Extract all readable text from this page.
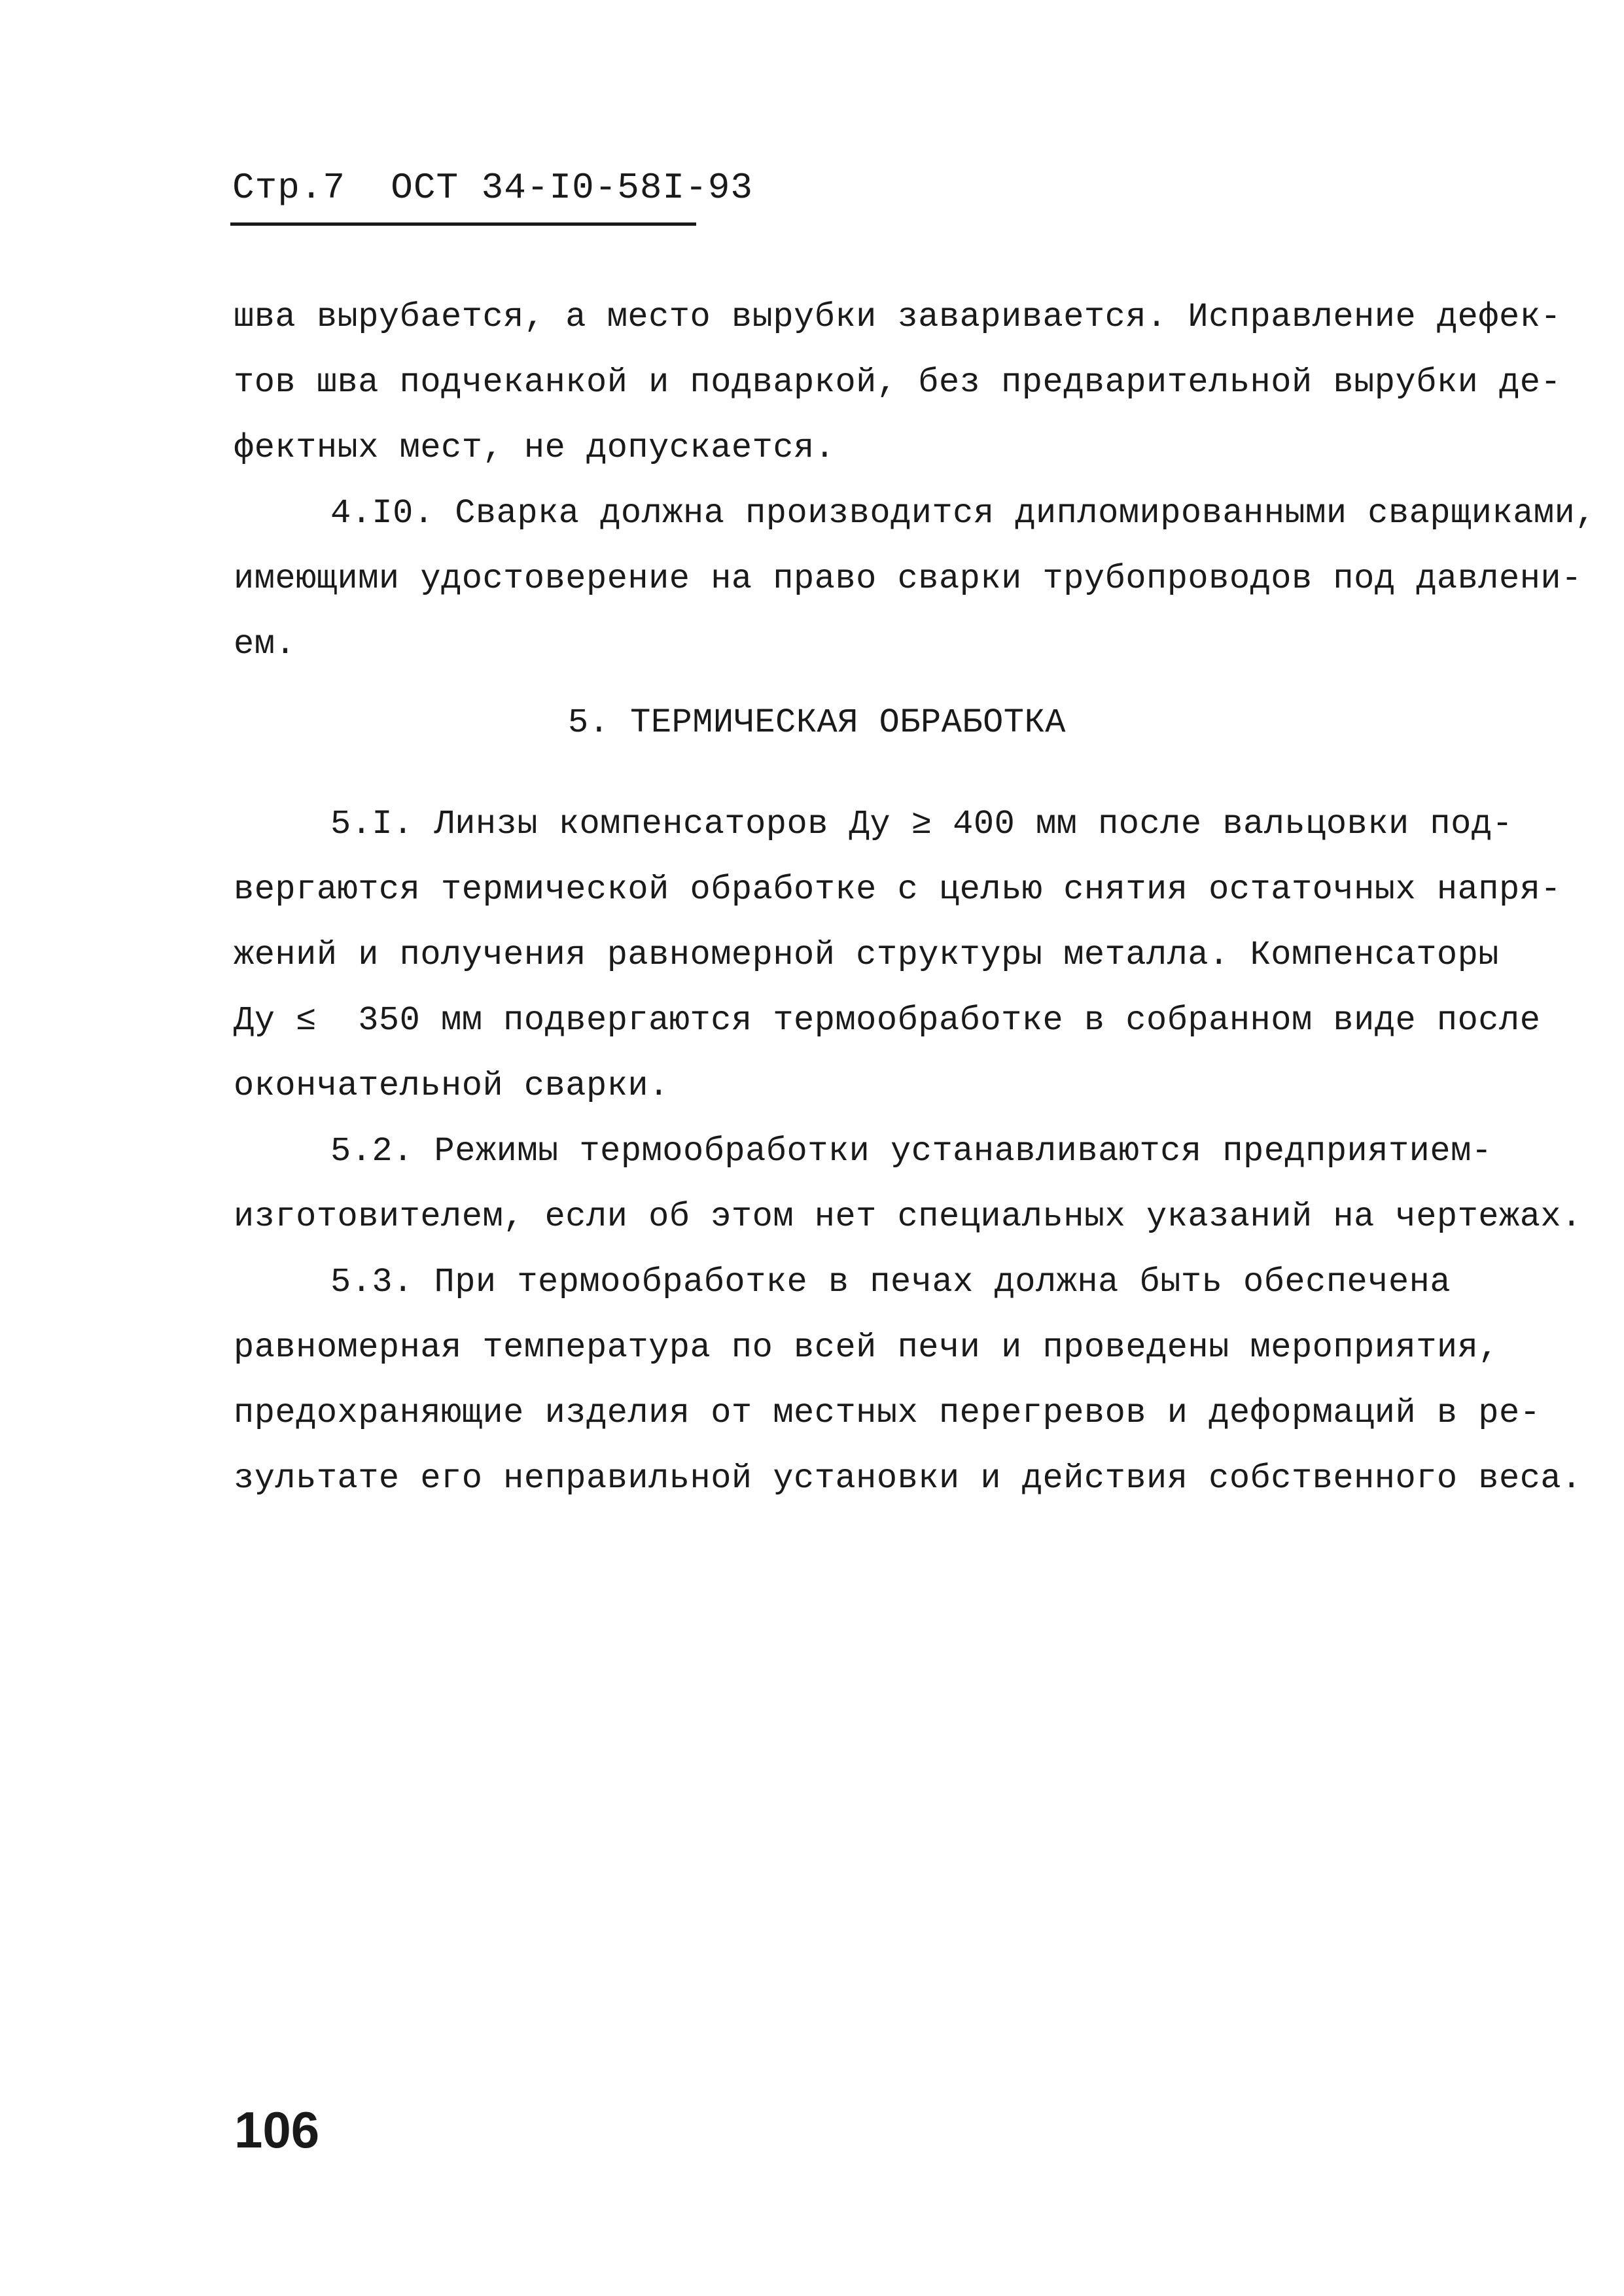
Стр.7 ОСТ 34-I0-58I-93
шва вырубается, а место вырубки заваривается. Исправление дефек-
тов шва подчеканкой и подваркой, без предварительной вырубки де-
фектных мест, не допускается.
4.I0. Сварка должна производится дипломированными сварщиками,
имеющими удостоверение на право сварки трубопроводов под давлени-
ем.
5. ТЕРМИЧЕСКАЯ ОБРАБОТКА
5.I. Линзы компенсаторов Ду ≥ 400 мм после вальцовки под-
вергаются термической обработке с целью снятия остаточных напря-
жений и получения равномерной структуры металла. Компенсаторы
Ду ≤  350 мм подвергаются термообработке в собранном виде после
окончательной сварки.
5.2. Режимы термообработки устанавливаются предприятием-
изготовителем, если об этом нет специальных указаний на чертежах.
5.3. При термообработке в печах должна быть обеспечена
равномерная температура по всей печи и проведены мероприятия,
предохраняющие изделия от местных перегревов и деформаций в ре-
зультате его неправильной установки и действия собственного веса.
106
